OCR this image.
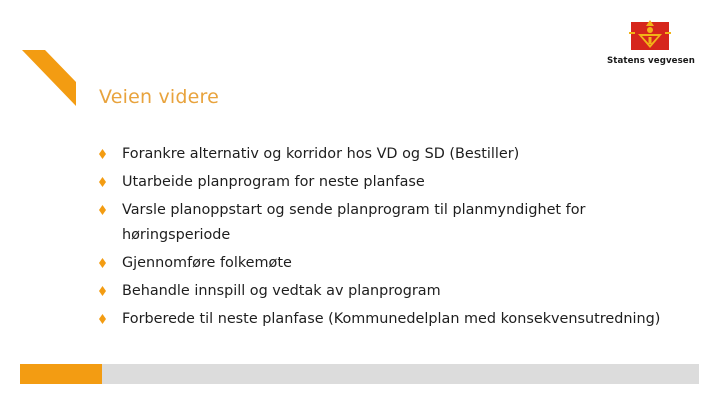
Statens vegvesen
Veien videre
Forankre alternativ og korridor hos VD og SD (Bestiller)
Utarbeide planprogram for neste planfase
Varsle planoppstart og sende planprogram til planmyndighet for høringsperiode
Gjennomføre folkemøte
Behandle innspill og vedtak av planprogram
Forberede til neste planfase (Kommunedelplan med konsekvensutredning)
